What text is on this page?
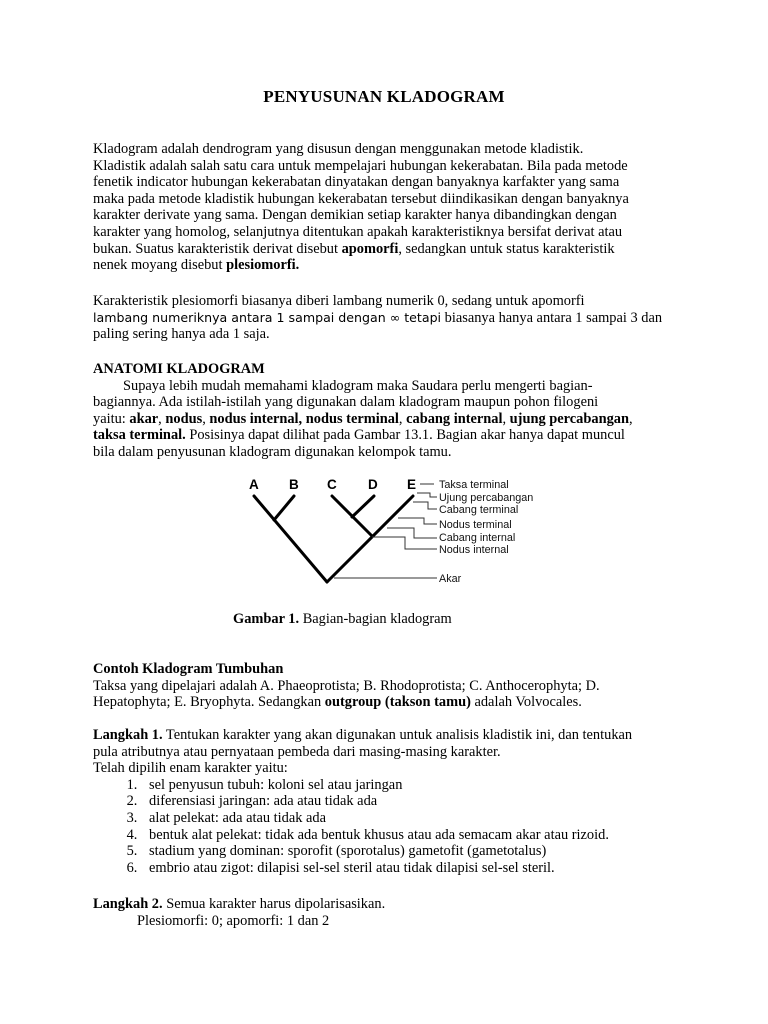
PENYUSUNAN KLADOGRAM
Kladogram adalah dendrogram yang disusun dengan menggunakan metode kladistik.
Kladistik adalah salah satu cara untuk mempelajari hubungan kekerabatan. Bila pada metode
fenetik indicator hubungan kekerabatan dinyatakan dengan banyaknya karfakter yang sama
maka pada metode kladistik hubungan kekerabatan tersebut diindikasikan dengan banyaknya
karakter derivate yang sama. Dengan demikian setiap karakter hanya dibandingkan dengan
karakter yang homolog, selanjutnya ditentukan apakah karakteristiknya bersifat derivat atau
bukan. Suatus karakteristik derivat disebut apomorfi, sedangkan untuk status karakteristik
nenek moyang disebut plesiomorfi.
Karakteristik plesiomorfi biasanya diberi lambang numerik 0, sedang untuk apomorfi
lambang numeriknya antara 1 sampai dengan ∞ tetapi biasanya hanya antara 1 sampai 3 dan
paling sering hanya ada 1 saja.
ANATOMI KLADOGRAM
Supaya lebih mudah memahami kladogram maka Saudara perlu mengerti bagian-
bagiannya. Ada istilah-istilah yang digunakan dalam kladogram maupun pohon filogeni
yaitu: akar, nodus, nodus internal, nodus terminal, cabang internal, ujung percabangan,
taksa terminal. Posisinya dapat dilihat pada Gambar 13.1. Bagian akar hanya dapat muncul
bila dalam penyusunan kladogram digunakan kelompok tamu.
A B C D E Taksa terminal
Ujung percabangan
Cabang terminal
Nodus terminal
Cabang internal
Nodus internal
Akar
Gambar 1. Bagian-bagian kladogram
Contoh Kladogram Tumbuhan
Taksa yang dipelajari adalah A. Phaeoprotista; B. Rhodoprotista; C. Anthocerophyta; D.
Hepatophyta; E. Bryophyta. Sedangkan outgroup (takson tamu) adalah Volvocales.
Langkah 1. Tentukan karakter yang akan digunakan untuk analisis kladistik ini, dan tentukan
pula atributnya atau pernyataan pembeda dari masing-masing karakter.
Telah dipilih enam karakter yaitu:
1. sel penyusun tubuh: koloni sel atau jaringan
2. diferensiasi jaringan: ada atau tidak ada
3. alat pelekat: ada atau tidak ada
4. bentuk alat pelekat: tidak ada bentuk khusus atau ada semacam akar atau rizoid.
5. stadium yang dominan: sporofit (sporotalus) gametofit (gametotalus)
6. embrio atau zigot: dilapisi sel-sel steril atau tidak dilapisi sel-sel steril.
Langkah 2. Semua karakter harus dipolarisasikan.
Plesiomorfi: 0; apomorfi: 1 dan 2
